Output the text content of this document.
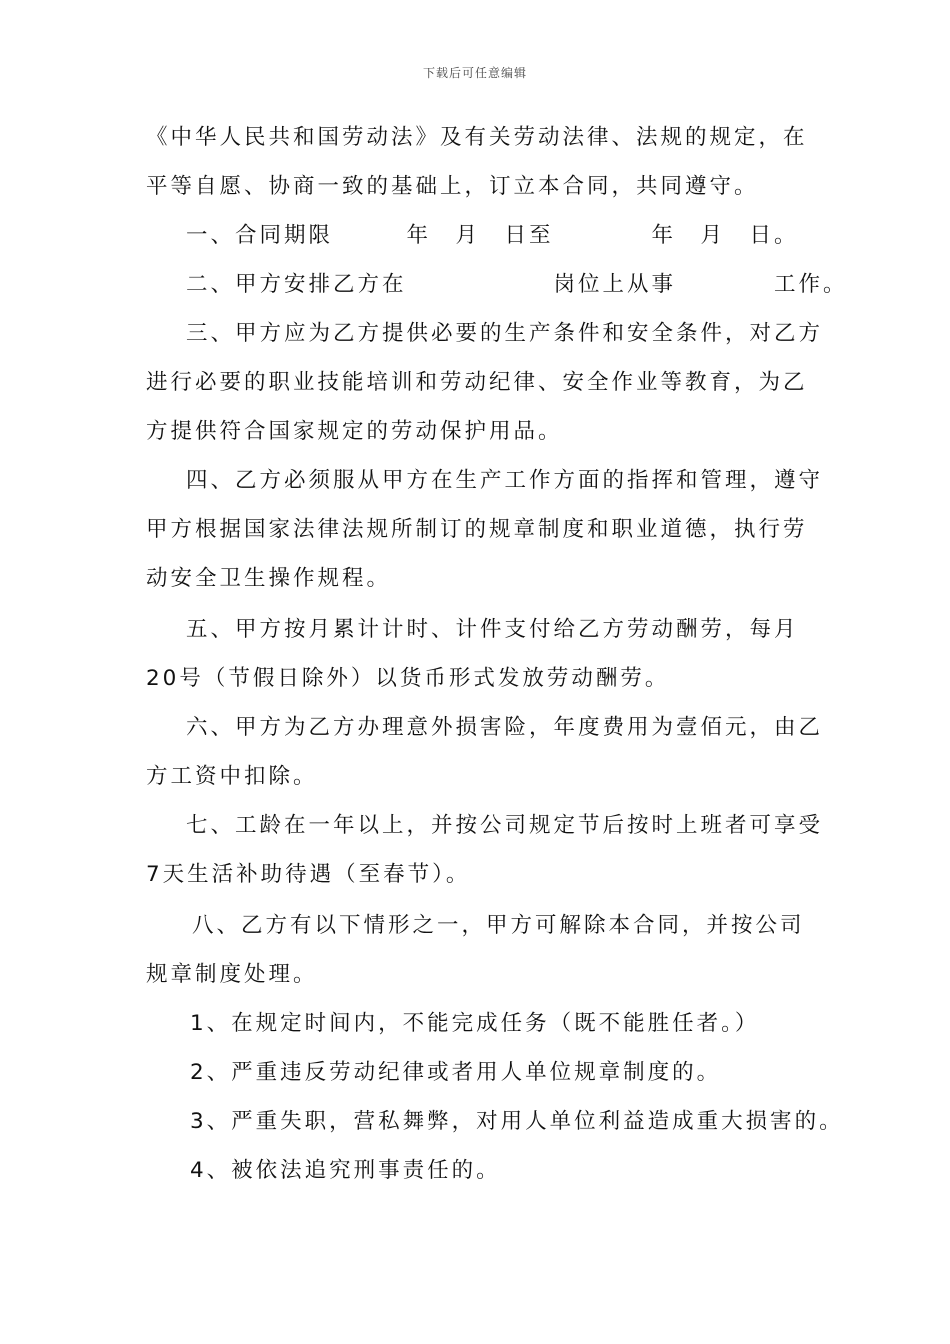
下载后可任意编辑
《中华人民共和国劳动法》及有关劳动法律、法规的规定，在
平等自愿、协商一致的基础上，订立本合同，共同遵守。
一、合同期限　　　年　月　日至　　　　年　月　日。
二、甲方安排乙方在　　　　　　岗位上从事　　　　工作。
三、甲方应为乙方提供必要的生产条件和安全条件，对乙方
进行必要的职业技能培训和劳动纪律、安全作业等教育，为乙
方提供符合国家规定的劳动保护用品。
四、乙方必须服从甲方在生产工作方面的指挥和管理，遵守
甲方根据国家法律法规所制订的规章制度和职业道德，执行劳
动安全卫生操作规程。
五、甲方按月累计计时、计件支付给乙方劳动酬劳，每月
20号（节假日除外）以货币形式发放劳动酬劳。
六、甲方为乙方办理意外损害险，年度费用为壹佰元，由乙
方工资中扣除。
七、工龄在一年以上，并按公司规定节后按时上班者可享受
7天生活补助待遇（至春节）。
八、乙方有以下情形之一，甲方可解除本合同，并按公司
规章制度处理。
1、在规定时间内，不能完成任务（既不能胜任者。）
2、严重违反劳动纪律或者用人单位规章制度的。
3、严重失职，营私舞弊，对用人单位利益造成重大损害的。
4、被依法追究刑事责任的。
